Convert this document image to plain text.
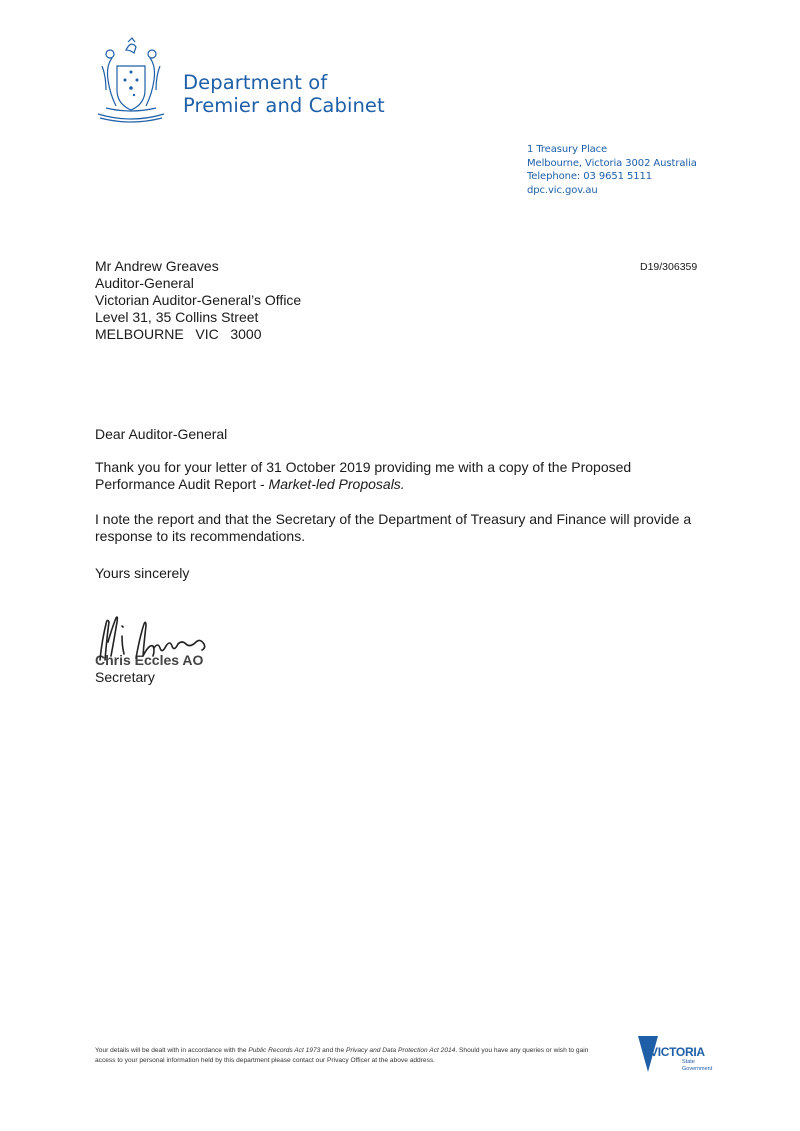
Department of
Premier and Cabinet
1 Treasury Place
Melbourne, Victoria 3002 Australia
Telephone: 03 9651 5111
dpc.vic.gov.au
D19/306359
Mr Andrew Greaves
Auditor-General
Victorian Auditor-General’s Office
Level 31, 35 Collins Street
MELBOURNE   VIC   3000
Dear Auditor-General
Thank you for your letter of 31 October 2019 providing me with a copy of the Proposed Performance Audit Report - Market-led Proposals.
I note the report and that the Secretary of the Department of Treasury and Finance will provide a response to its recommendations.
Yours sincerely
Chris Eccles AO
Secretary
Your details will be dealt with in accordance with the Public Records Act 1973 and the Privacy and Data Protection Act 2014. Should you have any queries or wish to gain access to your personal information held by this department please contact our Privacy Officer at the above address.
VICTORIA
State
Government
